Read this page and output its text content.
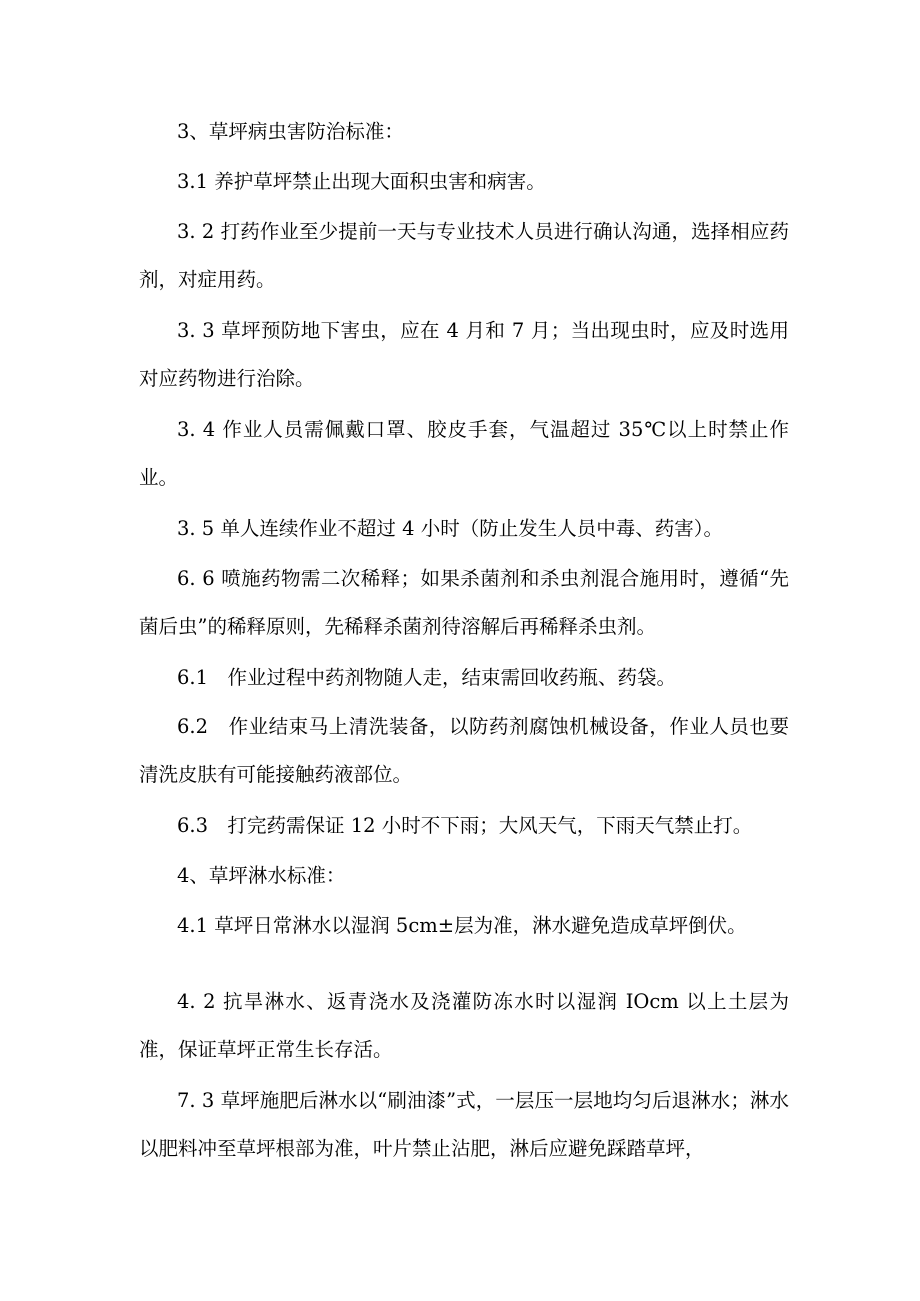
3、草坪病虫害防治标准：

3.1 养护草坪禁止出现大面积虫害和病害。

3. 2 打药作业至少提前一天与专业技术人员进行确认沟通，选择相应药剂，对症用药。

3. 3 草坪预防地下害虫，应在 4 月和 7 月；当出现虫时，应及时选用对应药物进行治除。

3. 4 作业人员需佩戴口罩、胶皮手套，气温超过 35℃以上时禁止作业。

3. 5 单人连续作业不超过 4 小时（防止发生人员中毒、药害）。

6. 6 喷施药物需二次稀释；如果杀菌剂和杀虫剂混合施用时，遵循“先菌后虫”的稀释原则，先稀释杀菌剂待溶解后再稀释杀虫剂。

6.1　作业过程中药剂物随人走，结束需回收药瓶、药袋。

6.2　作业结束马上清洗装备，以防药剂腐蚀机械设备，作业人员也要清洗皮肤有可能接触药液部位。

6.3　打完药需保证 12 小时不下雨；大风天气，下雨天气禁止打。

4、草坪淋水标准：

4.1 草坪日常淋水以湿润 5cm±层为准，淋水避免造成草坪倒伏。

4. 2 抗旱淋水、返青浇水及浇灌防冻水时以湿润 IOcm 以上土层为准，保证草坪正常生长存活。

7. 3 草坪施肥后淋水以“刷油漆”式，一层压一层地均匀后退淋水；淋水以肥料冲至草坪根部为准，叶片禁止沾肥，淋后应避免踩踏草坪，
